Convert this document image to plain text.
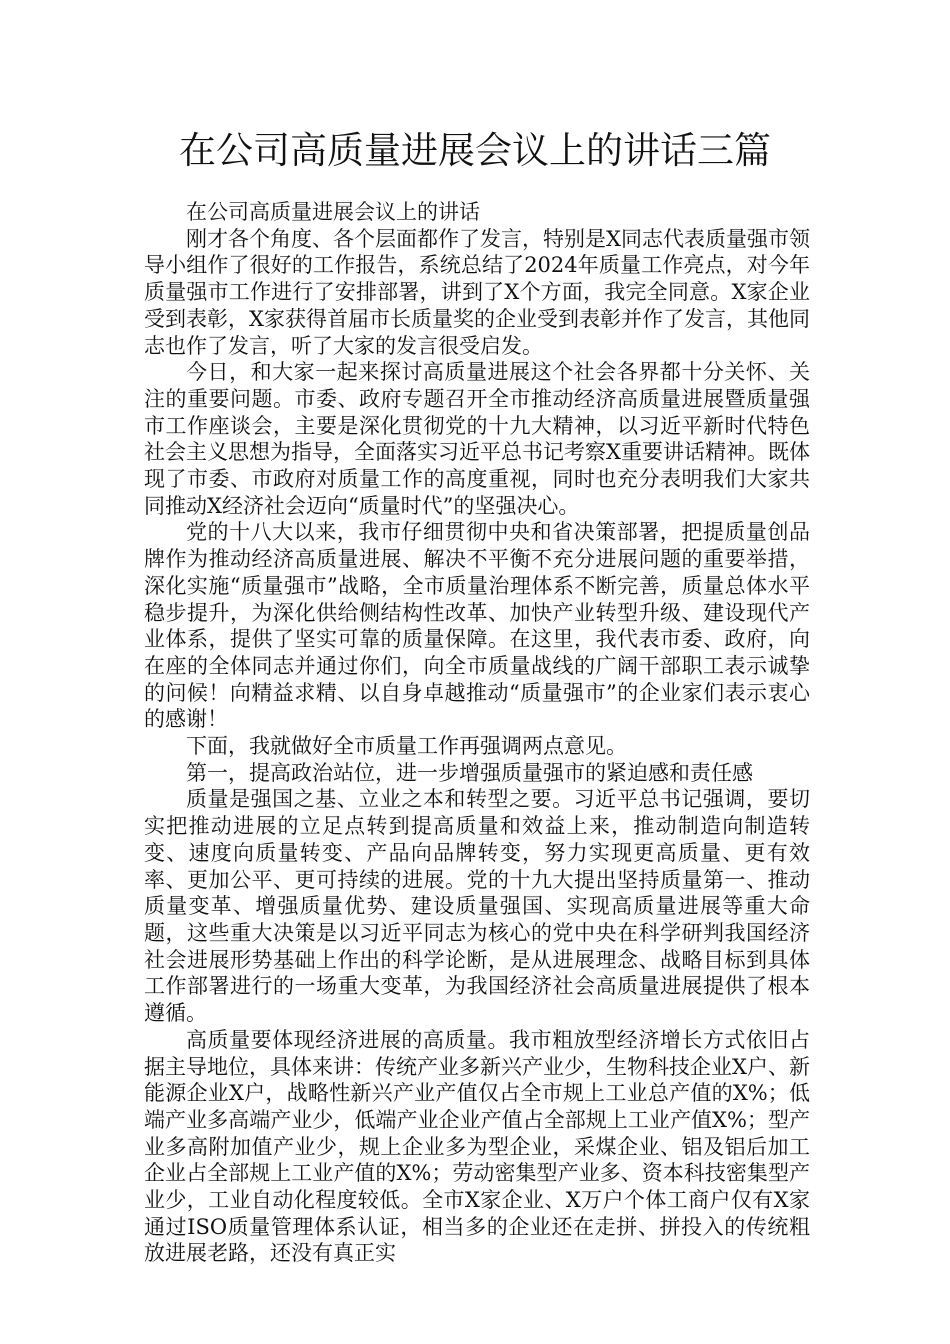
在公司高质量进展会议上的讲话三篇

在公司高质量进展会议上的讲话

刚才各个角度、各个层面都作了发言，特别是X同志代表质量强市领导小组作了很好的工作报告，系统总结了2024年质量工作亮点，对今年质量强市工作进行了安排部署，讲到了X个方面，我完全同意。X家企业受到表彰，X家获得首届市长质量奖的企业受到表彰并作了发言，其他同志也作了发言，听了大家的发言很受启发。

今日，和大家一起来探讨高质量进展这个社会各界都十分关怀、关注的重要问题。市委、政府专题召开全市推动经济高质量进展暨质量强市工作座谈会，主要是深化贯彻党的十九大精神，以习近平新时代特色社会主义思想为指导，全面落实习近平总书记考察X重要讲话精神。既体现了市委、市政府对质量工作的高度重视，同时也充分表明我们大家共同推动X经济社会迈向“质量时代”的坚强决心。

党的十八大以来，我市仔细贯彻中央和省决策部署，把提质量创品牌作为推动经济高质量进展、解决不平衡不充分进展问题的重要举措，深化实施“质量强市”战略，全市质量治理体系不断完善，质量总体水平稳步提升，为深化供给侧结构性改革、加快产业转型升级、建设现代产业体系，提供了坚实可靠的质量保障。在这里，我代表市委、政府，向在座的全体同志并通过你们，向全市质量战线的广阔干部职工表示诚挚的问候！向精益求精、以自身卓越推动“质量强市”的企业家们表示衷心的感谢！

下面，我就做好全市质量工作再强调两点意见。

第一，提高政治站位，进一步增强质量强市的紧迫感和责任感

质量是强国之基、立业之本和转型之要。习近平总书记强调，要切实把推动进展的立足点转到提高质量和效益上来，推动制造向制造转变、速度向质量转变、产品向品牌转变，努力实现更高质量、更有效率、更加公平、更可持续的进展。党的十九大提出坚持质量第一、推动质量变革、增强质量优势、建设质量强国、实现高质量进展等重大命题，这些重大决策是以习近平同志为核心的党中央在科学研判我国经济社会进展形势基础上作出的科学论断，是从进展理念、战略目标到具体工作部署进行的一场重大变革，为我国经济社会高质量进展提供了根本遵循。

高质量要体现经济进展的高质量。我市粗放型经济增长方式依旧占据主导地位，具体来讲：传统产业多新兴产业少，生物科技企业X户、新能源企业X户，战略性新兴产业产值仅占全市规上工业总产值的X%；低端产业多高端产业少，低端产业企业产值占全部规上工业产值X%；型产业多高附加值产业少，规上企业多为型企业，采煤企业、铝及铝后加工企业占全部规上工业产值的X%；劳动密集型产业多、资本科技密集型产业少，工业自动化程度较低。全市X家企业、X万户个体工商户仅有X家通过ISO质量管理体系认证，相当多的企业还在走拼、拼投入的传统粗放进展老路，还没有真正实
